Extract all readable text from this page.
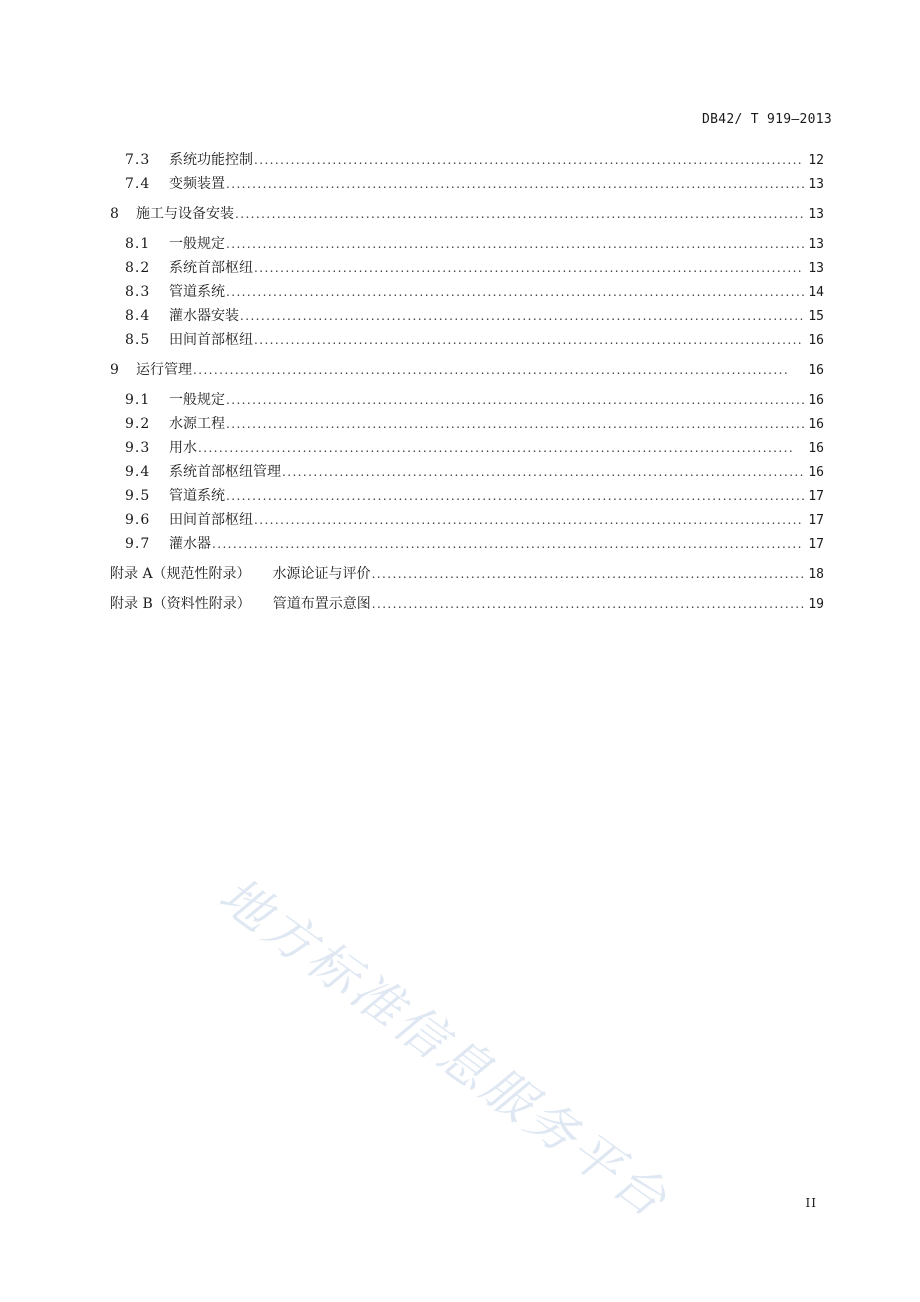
DB42/ T 919—2013
7.3	系统功能控制 . . .	12
7.4	变频装置 . . .	13
8	施工与设备安装 . . .	13
8.1	一般规定 . . .	13
8.2	系统首部枢纽 . . .	13
8.3	管道系统 . . .	14
8.4	灌水器安装 . . .	15
8.5	田间首部枢纽 . . .	16
9	运行管理 . . .	16
9.1	一般规定 . . .	16
9.2	水源工程 . . .	16
9.3	用水 . . .	16
9.4	系统首部枢纽管理 . . .	16
9.5	管道系统 . . .	17
9.6	田间首部枢纽 . . .	17
9.7	灌水器 . . .	17
附录 A（规范性附录） 水源论证与评价 . . .	18
附录 B（资料性附录） 管道布置示意图 . . .	19
地方标准信息服务平台	II
